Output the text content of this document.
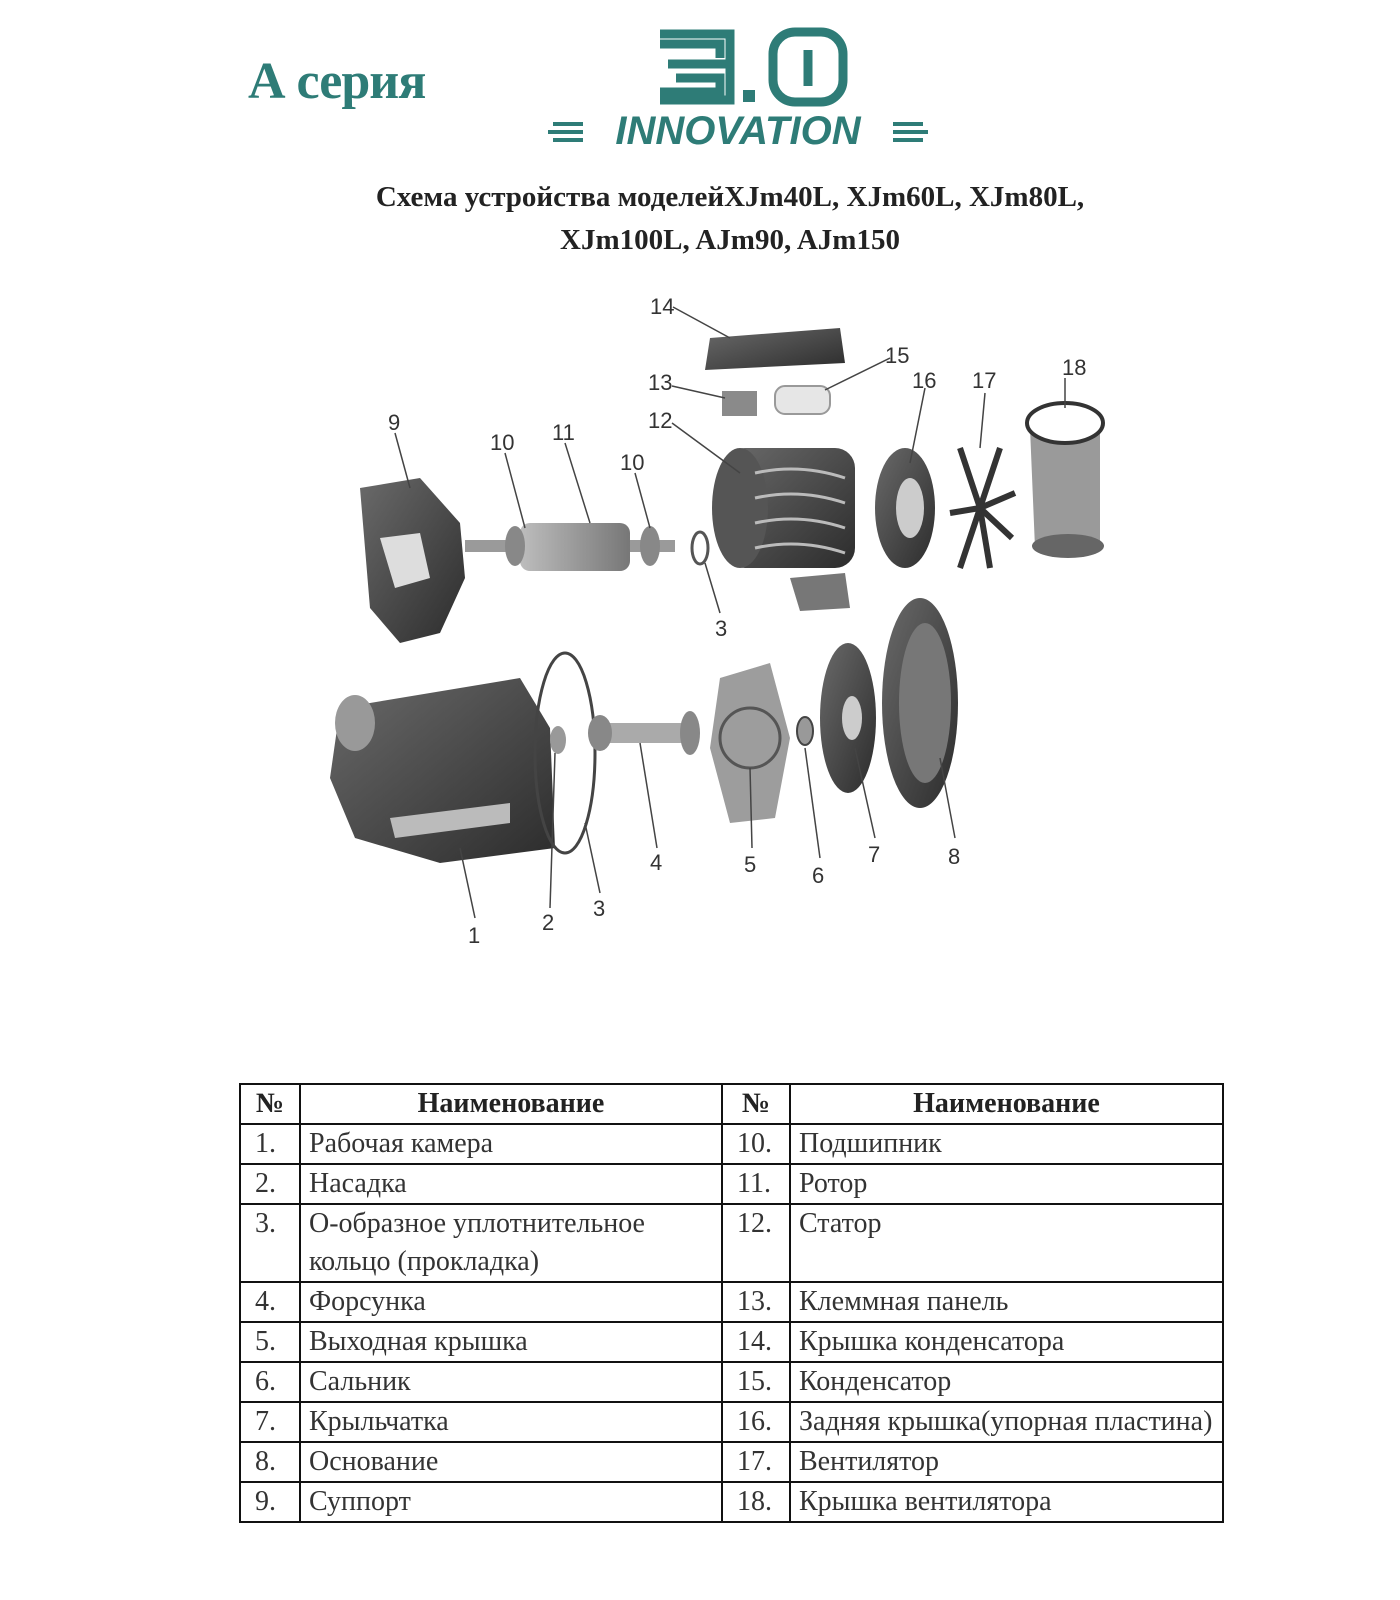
А серия
INNOVATION
Схема устройства моделейXJm40L, XJm60L, XJm80L,
XJm100L, AJm90, AJm150
14
13
15
12
16 17
18
9
10 11
10
3
1
2
3
4	5	6
7	8
№	Наименование	№	Наименование
1.	Рабочая камера	10.	Подшипник
2.	Насадка	11.	Ротор
3.	О-образное уплотнительное кольцо (прокладка)	12.	Статор
4.	Форсунка	13.	Клеммная панель
5.	Выходная крышка	14.	Крышка конденсатора
6.	Сальник	15.	Конденсатор
7.	Крыльчатка	16.	Задняя крышка(упорная пластина)
8.	Основание	17.	Вентилятор
9.	Суппорт	18.	Крышка вентилятора
